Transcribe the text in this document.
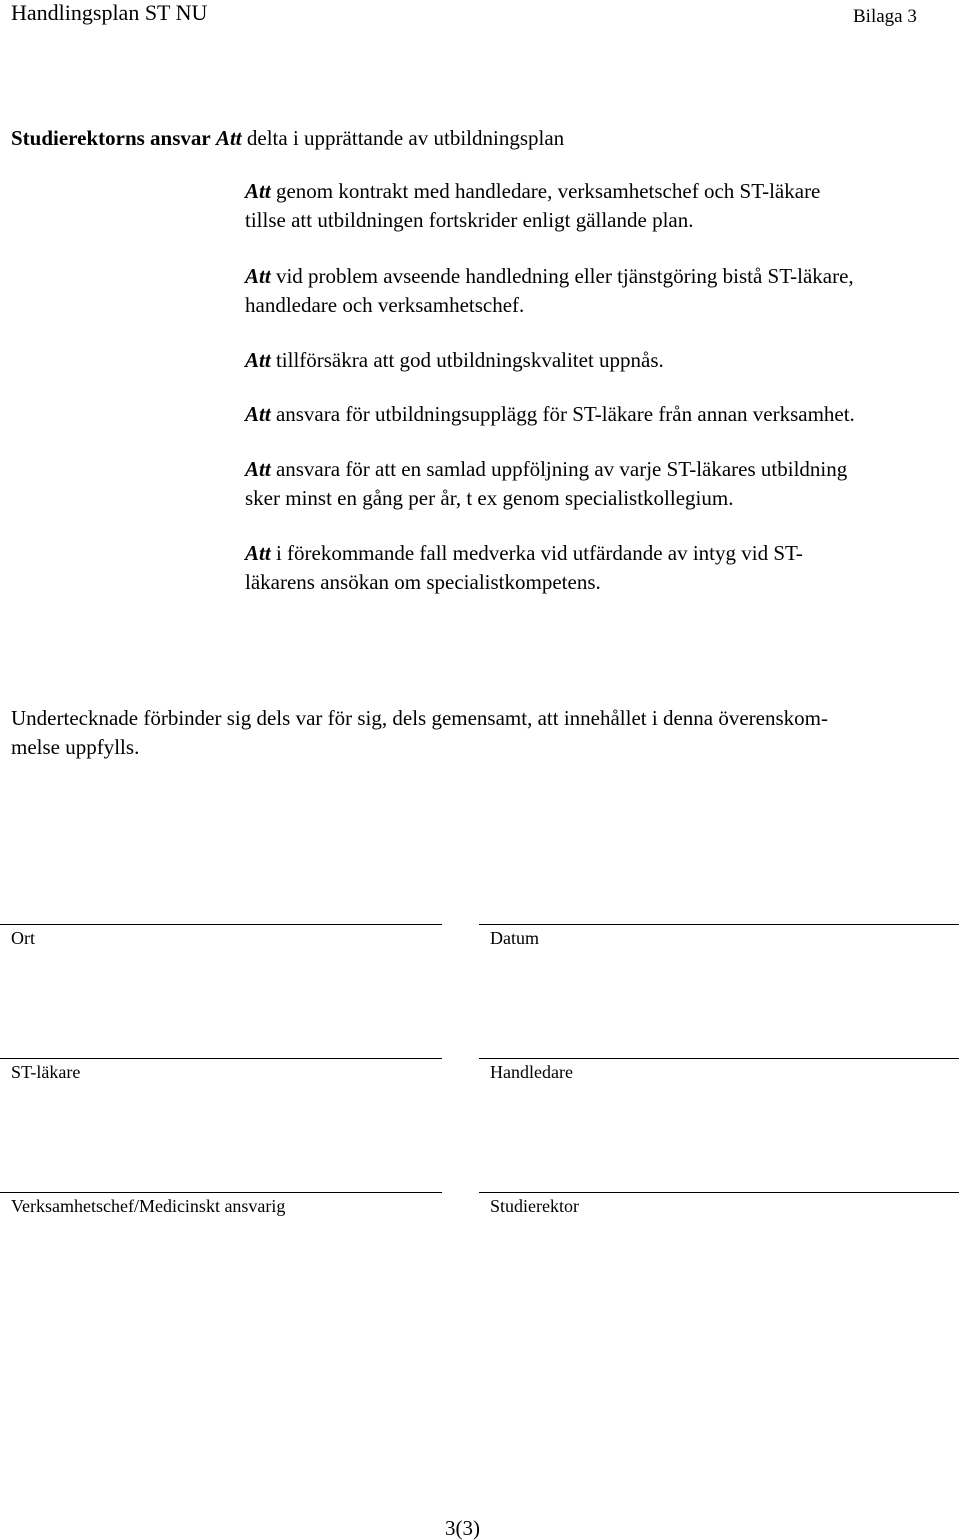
Handlingsplan ST NU	Bilaga 3
Studierektorns ansvar Att delta i upprättande av utbildningsplan
Att genom kontrakt med handledare, verksamhetschef och ST-läkare
tillse att utbildningen fortskrider enligt gällande plan.
Att vid problem avseende handledning eller tjänstgöring bistå ST-läkare,
handledare och verksamhetschef.
Att tillförsäkra att god utbildningskvalitet uppnås.
Att ansvara för utbildningsupplägg för ST-läkare från annan verksamhet.
Att ansvara för att en samlad uppföljning av varje ST-läkares utbildning
sker minst en gång per år, t ex genom specialistkollegium.
Att i förekommande fall medverka vid utfärdande av intyg vid ST-
läkarens ansökan om specialistkompetens.
Undertecknade förbinder sig dels var för sig, dels gemensamt, att innehållet i denna överenskom-
melse uppfylls.
Ort	Datum
ST-läkare	Handledare
Verksamhetschef/Medicinskt ansvarig	Studierektor
3(3)
